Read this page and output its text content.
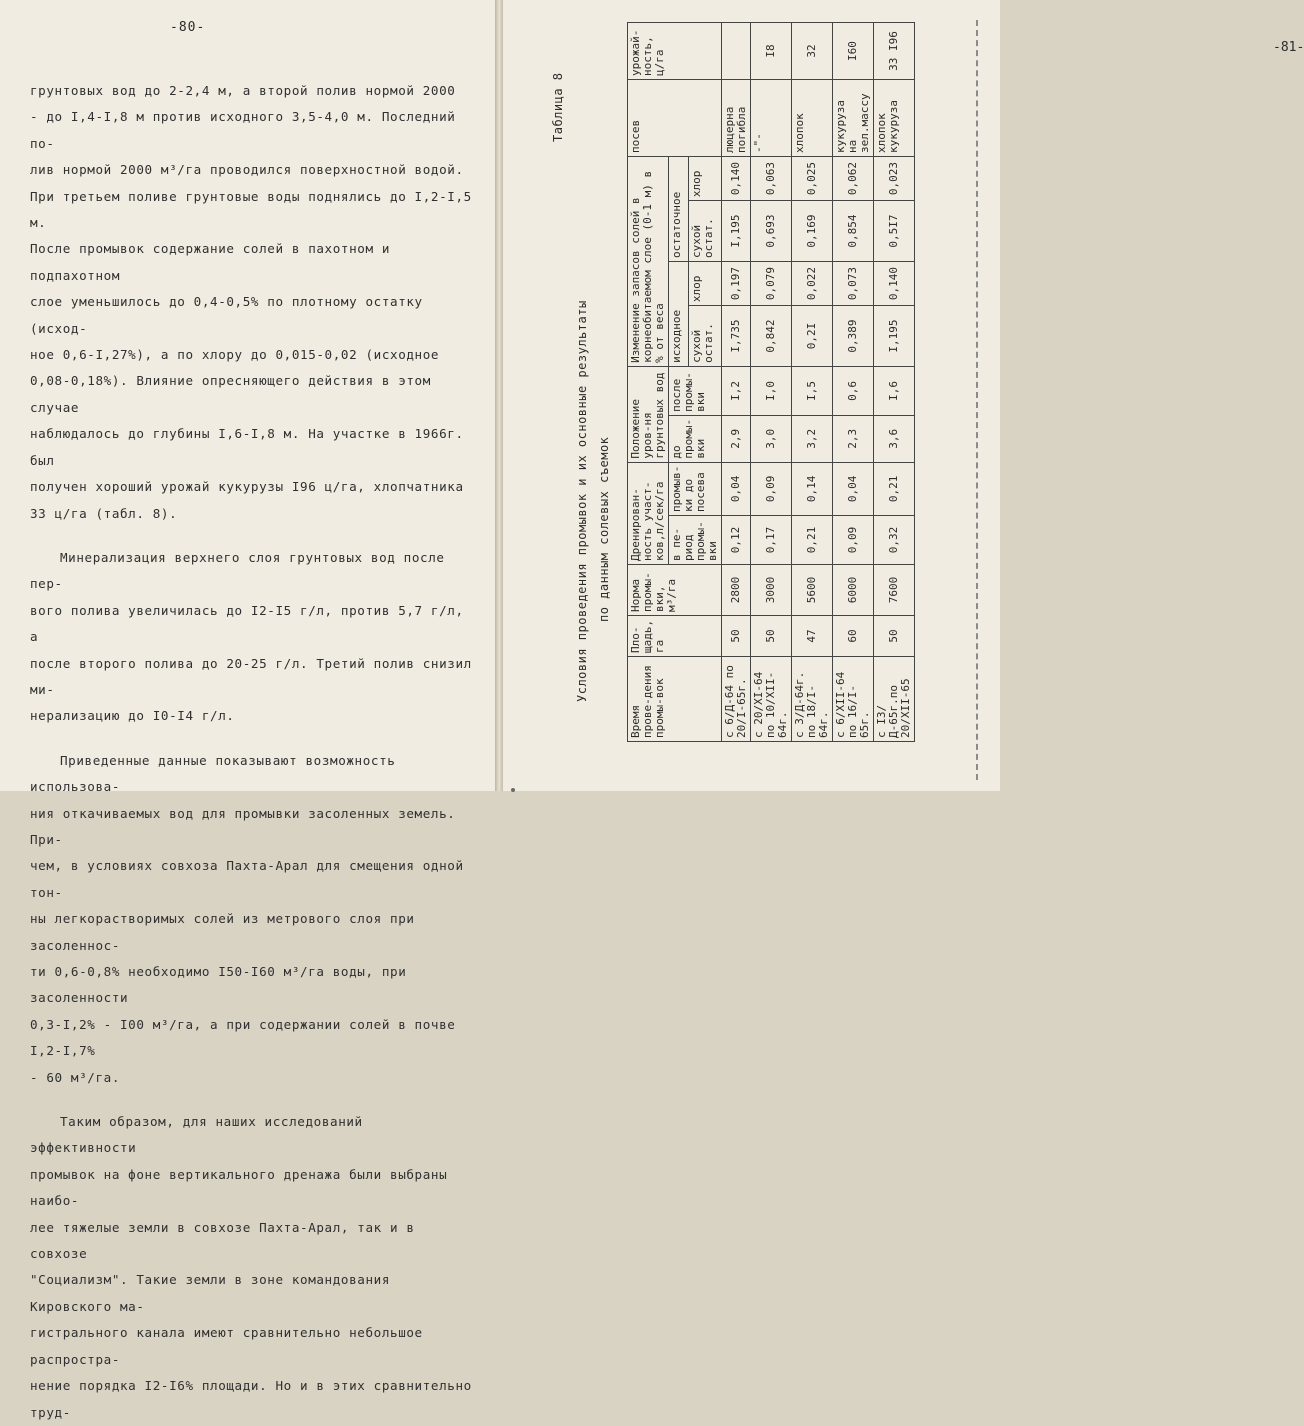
-80-

грунтовых вод до 2-2,4 м, а второй полив нормой 2000

- до I,4-I,8 м против исходного 3,5-4,0 м. Последний по-

лив нормой 2000 м³/га проводился поверхностной водой.

При третьем поливе грунтовые воды поднялись до I,2-I,5 м.

После промывок содержание солей в пахотном и подпахотном

слое уменьшилось до 0,4-0,5% по плотному остатку (исход-

ное 0,6-I,27%), а по хлору до 0,015-0,02 (исходное

0,08-0,18%). Влияние опресняющего действия в этом случае

наблюдалось до глубины I,6-I,8 м. На участке в 1966г. был

получен хороший урожай кукурузы I96 ц/га, хлопчатника

33 ц/га (табл. 8).

Минерализация верхнего слоя грунтовых вод после пер-

вого полива увеличилась до I2-I5 г/л, против 5,7 г/л, а

после второго полива до 20-25 г/л. Третий полив снизил ми-

нерализацию до I0-I4 г/л.

Приведенные данные показывают возможность использова-

ния откачиваемых вод для промывки засоленных земель. При-

чем, в условиях совхоза Пахта-Арал для смещения одной тон-

ны легкорастворимых солей из метрового слоя при засоленнос-

ти 0,6-0,8% необходимо I50-I60 м³/га воды, при засоленности

0,3-I,2% - I00 м³/га, а при содержании солей в почве I,2-I,7%

- 60 м³/га.

Таким образом, для наших исследований эффективности

промывок на фоне вертикального дренажа были выбраны наибо-

лее тяжелые земли в совхозе Пахта-Арал, так и в совхозе

"Социализм". Такие земли в зоне командования Кировского ма-

гистрального канала имеют сравнительно небольшое распростра-

нение порядка I2-I6% площади. Но и в этих сравнительно труд-

Условия проведения промывок и их основные результаты по данным солевых съемок
Таблица 8
Время прове-дения промы-вок	Пло-щадь, га	Норма промы-вки, м³/га	Дренирован-ность участ-ков,л/сек/га		Положение уров-ня грунтовых вод		Изменение запасов солей в корнеобитаемом слое (0-1 м) в % от веса				посев	урожай-ность, ц/га
			в пе-риод промы-вки	промыв-ки до посева	до промы-вки	после промы-вки	исходное		остаточное			
							сухой остат.	хлор	сухой остат.	хлор		
с 6/Д-64 по 20/I-65г.	50	2800	0,12	0,04	2,9	I,2	I,735	0,197	I,195	0,140	люцерна погибла	
с 20/XI-64 по 10/XII-64г.	50	3000	0,17	0,09	3,0	I,0	0,842	0,079	0,693	0,063	-"-	I8
с 3/Д-64г. по 18/I-64г.	47	5600	0,21	0,14	3,2	I,5	0,2I	0,022	0,169	0,025	хлопок	32
с 6/XII-64 по 16/I-65г.	60	6000	0,09	0,04	2,3	0,6	0,389	0,073	0,854	0,062	кукуруза на зел.массу	I60
с I3/Д-65г.по 20/XII-65	50	7600	0,32	0,21	3,6	I,6	I,195	0,140	0,5I7	0,023	хлопок кукуруза	33 I96	-81-
